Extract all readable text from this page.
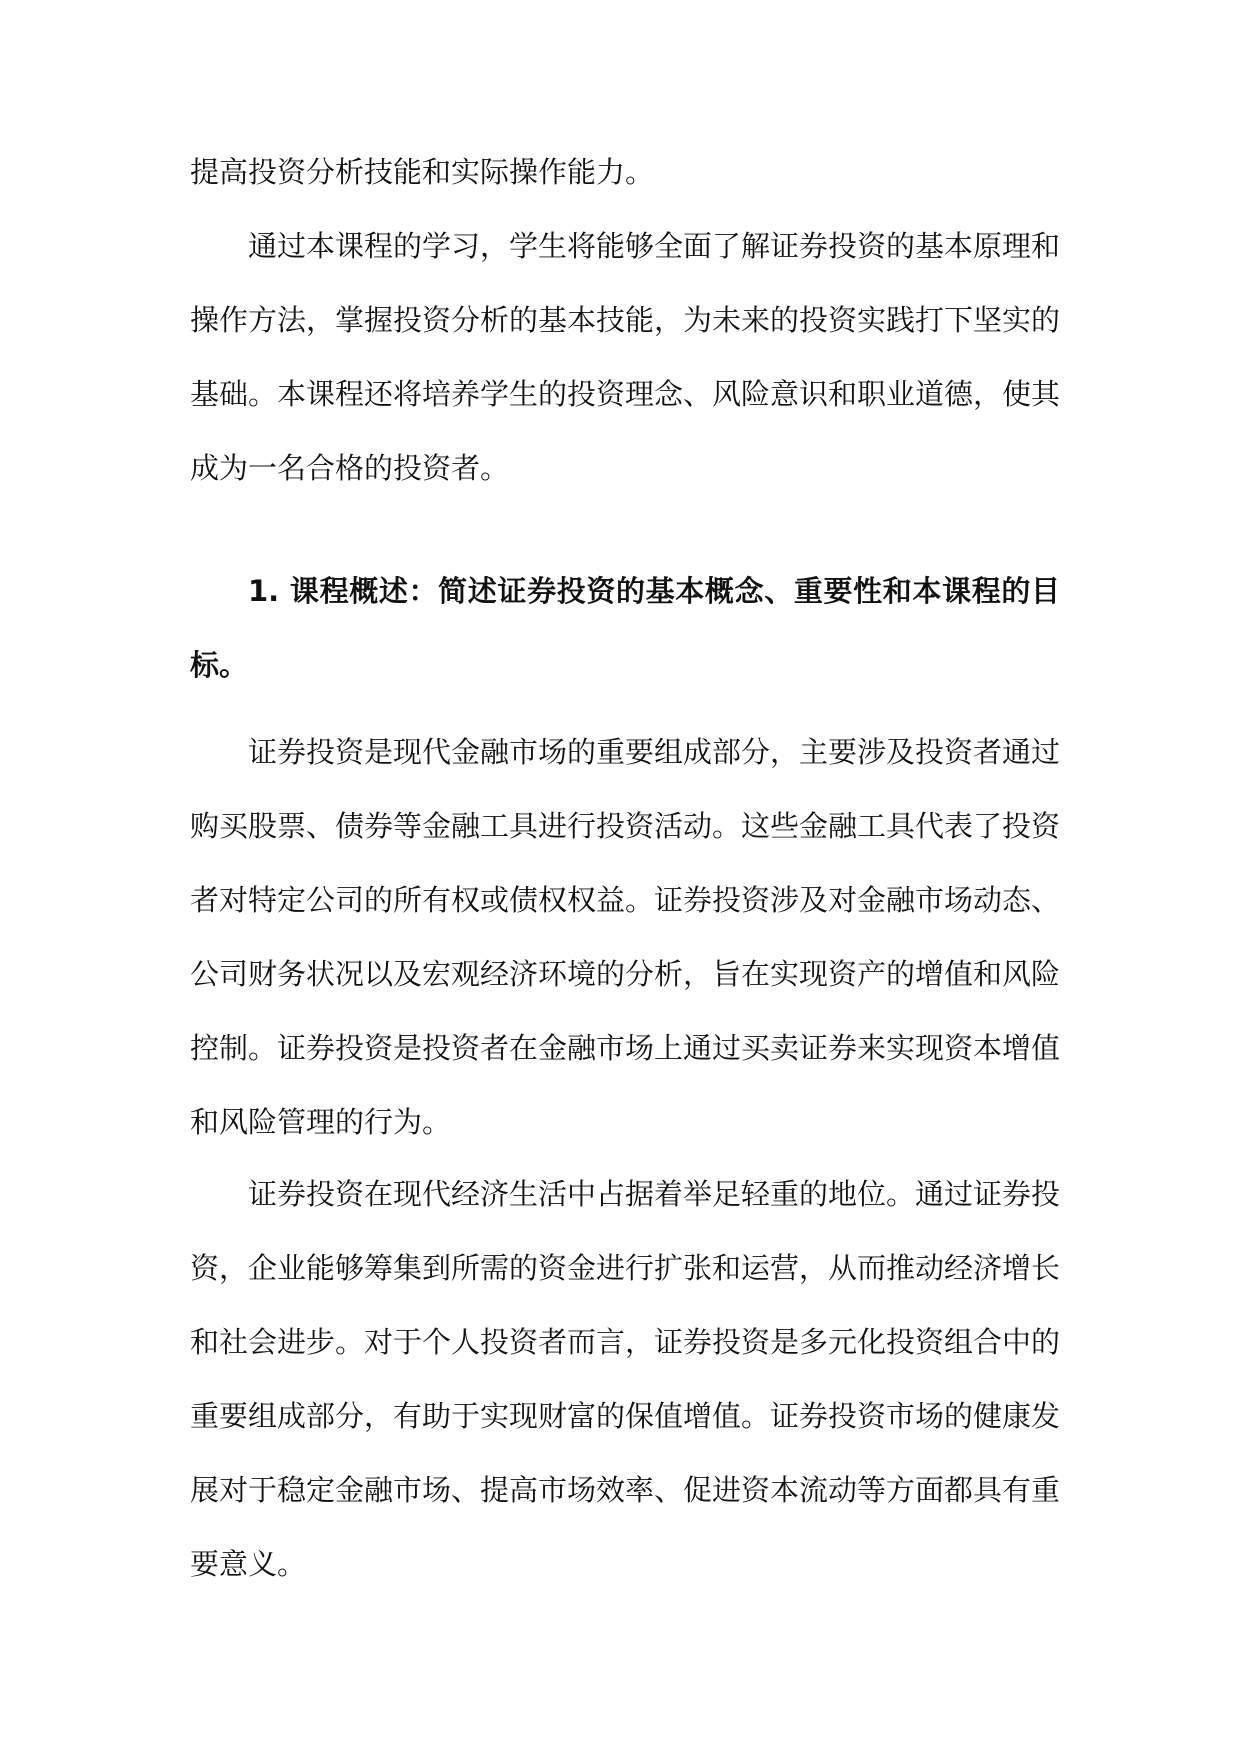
提高投资分析技能和实际操作能力。

通过本课程的学习，学生将能够全面了解证券投资的基本原理和操作方法，掌握投资分析的基本技能，为未来的投资实践打下坚实的基础。本课程还将培养学生的投资理念、风险意识和职业道德，使其成为一名合格的投资者。

1. 课程概述：简述证券投资的基本概念、重要性和本课程的目标。

证券投资是现代金融市场的重要组成部分，主要涉及投资者通过购买股票、债券等金融工具进行投资活动。这些金融工具代表了投资者对特定公司的所有权或债权权益。证券投资涉及对金融市场动态、公司财务状况以及宏观经济环境的分析，旨在实现资产的增值和风险控制。证券投资是投资者在金融市场上通过买卖证券来实现资本增值和风险管理的行为。

证券投资在现代经济生活中占据着举足轻重的地位。通过证券投资，企业能够筹集到所需的资金进行扩张和运营，从而推动经济增长和社会进步。对于个人投资者而言，证券投资是多元化投资组合中的重要组成部分，有助于实现财富的保值增值。证券投资市场的健康发展对于稳定金融市场、提高市场效率、促进资本流动等方面都具有重要意义。
